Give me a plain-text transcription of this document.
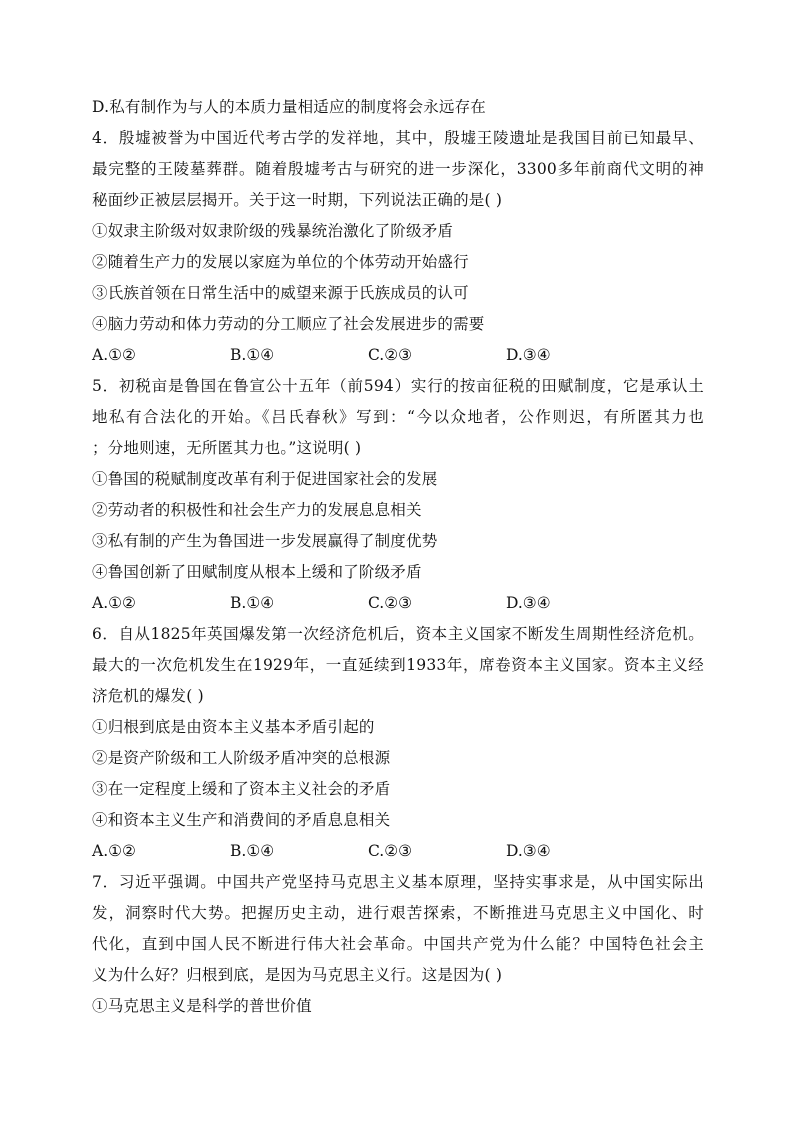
D.私有制作为与人的本质力量相适应的制度将会永远存在
4．殷墟被誉为中国近代考古学的发祥地，其中，殷墟王陵遗址是我国目前已知最早、
最完整的王陵墓葬群。随着殷墟考古与研究的进一步深化，3300多年前商代文明的神
秘面纱正被层层揭开。关于这一时期，下列说法正确的是( )
①奴隶主阶级对奴隶阶级的残暴统治激化了阶级矛盾
②随着生产力的发展以家庭为单位的个体劳动开始盛行
③氏族首领在日常生活中的威望来源于氏族成员的认可
④脑力劳动和体力劳动的分工顺应了社会发展进步的需要
A.①②	B.①④	C.②③	D.③④
5．初税亩是鲁国在鲁宣公十五年（前594）实行的按亩征税的田赋制度，它是承认土
地私有合法化的开始。《吕氏春秋》写到：“今以众地者，公作则迟，有所匿其力也
；分地则速，无所匿其力也。”这说明( )
①鲁国的税赋制度改革有利于促进国家社会的发展
②劳动者的积极性和社会生产力的发展息息相关
③私有制的产生为鲁国进一步发展赢得了制度优势
④鲁国创新了田赋制度从根本上缓和了阶级矛盾
A.①②	B.①④	C.②③	D.③④
6．自从1825年英国爆发第一次经济危机后，资本主义国家不断发生周期性经济危机。
最大的一次危机发生在1929年，一直延续到1933年，席卷资本主义国家。资本主义经
济危机的爆发( )
①归根到底是由资本主义基本矛盾引起的
②是资产阶级和工人阶级矛盾冲突的总根源
③在一定程度上缓和了资本主义社会的矛盾
④和资本主义生产和消费间的矛盾息息相关
A.①②	B.①④	C.②③	D.③④
7．习近平强调。中国共产党坚持马克思主义基本原理，坚持实事求是，从中国实际出
发，洞察时代大势。把握历史主动，进行艰苦探索，不断推进马克思主义中国化、时
代化，直到中国人民不断进行伟大社会革命。中国共产党为什么能？中国特色社会主
义为什么好？归根到底，是因为马克思主义行。这是因为( )
①马克思主义是科学的普世价值
